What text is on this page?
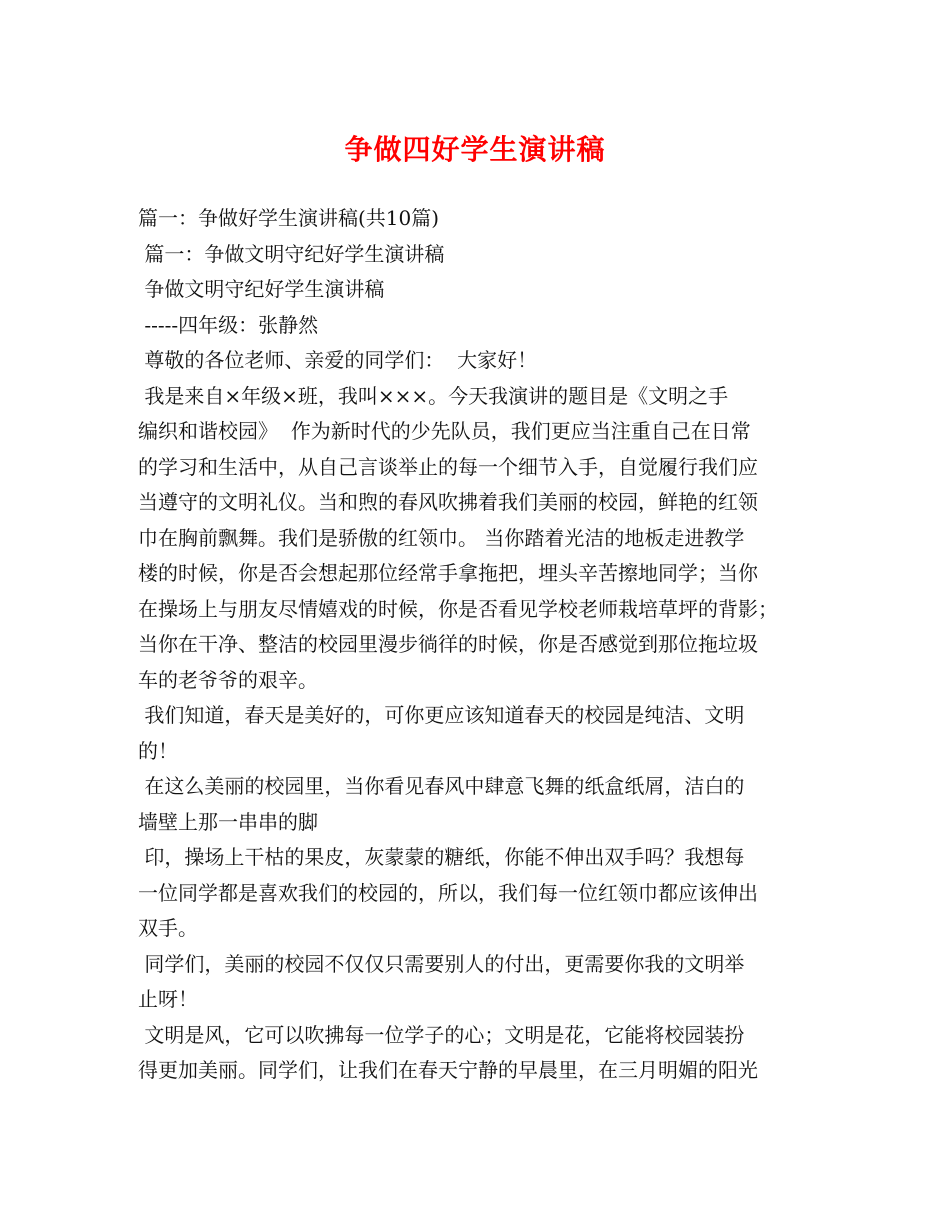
争做四好学生演讲稿
篇一：争做好学生演讲稿(共10篇)
篇一：争做文明守纪好学生演讲稿
争做文明守纪好学生演讲稿
-----四年级：张静然
尊敬的各位老师、亲爱的同学们：  大家好！
我是来自×年级×班，我叫×××。今天我演讲的题目是《文明之手
编织和谐校园》  作为新时代的少先队员，我们更应当注重自己在日常
的学习和生活中，从自己言谈举止的每一个细节入手，自觉履行我们应
当遵守的文明礼仪。当和煦的春风吹拂着我们美丽的校园，鲜艳的红领
巾在胸前飘舞。我们是骄傲的红领巾。 当你踏着光洁的地板走进教学
楼的时候，你是否会想起那位经常手拿拖把，埋头辛苦擦地同学；当你
在操场上与朋友尽情嬉戏的时候，你是否看见学校老师栽培草坪的背影；
当你在干净、整洁的校园里漫步徜徉的时候，你是否感觉到那位拖垃圾
车的老爷爷的艰辛。
我们知道，春天是美好的，可你更应该知道春天的校园是纯洁、文明
的！
在这么美丽的校园里，当你看见春风中肆意飞舞的纸盒纸屑，洁白的
墙壁上那一串串的脚
印，操场上干枯的果皮，灰蒙蒙的糖纸，你能不伸出双手吗？我想每
一位同学都是喜欢我们的校园的，所以，我们每一位红领巾都应该伸出
双手。
同学们，美丽的校园不仅仅只需要别人的付出，更需要你我的文明举
止呀！
文明是风，它可以吹拂每一位学子的心；文明是花，它能将校园装扮
得更加美丽。同学们，让我们在春天宁静的早晨里，在三月明媚的阳光
